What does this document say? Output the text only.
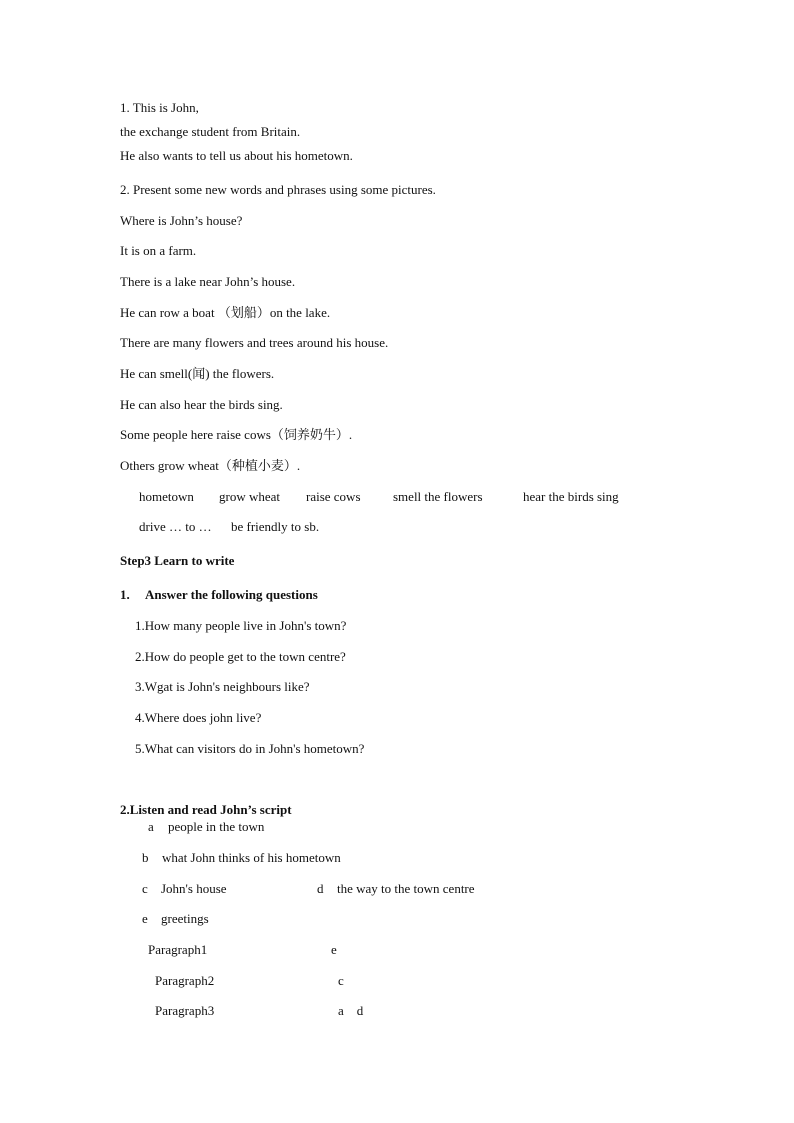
1. This is John,
the exchange student from Britain.
He also wants to tell us about his hometown.
2. Present some new words and phrases using some pictures.
Where is John’s house?
It is on a farm.
There is a lake near John’s house.
He can row a boat （划船）on the lake.
There are many flowers and trees around his house.
He can smell(闻) the flowers.
He can also hear the birds sing.
Some people here raise cows（饲养奶牛）.
Others grow wheat（种植小麦）.
hometown grow wheat raise cows smell the flowers	hear the birds sing
drive … to … be friendly to sb.
Step3 Learn to write
1. Answer the following questions
1.How many people live in John's town?
2.How do people get to the town centre?
3.Wgat is John's neighbours like?
4.Where does john live?
5.What can visitors do in John's hometown?
2.Listen and read John’s script
a people in the town
b what John thinks of his hometown
c John's house	d the way to the town centre
e greetings
Paragraph1	e
Paragraph2	c
Paragraph3	a    d
